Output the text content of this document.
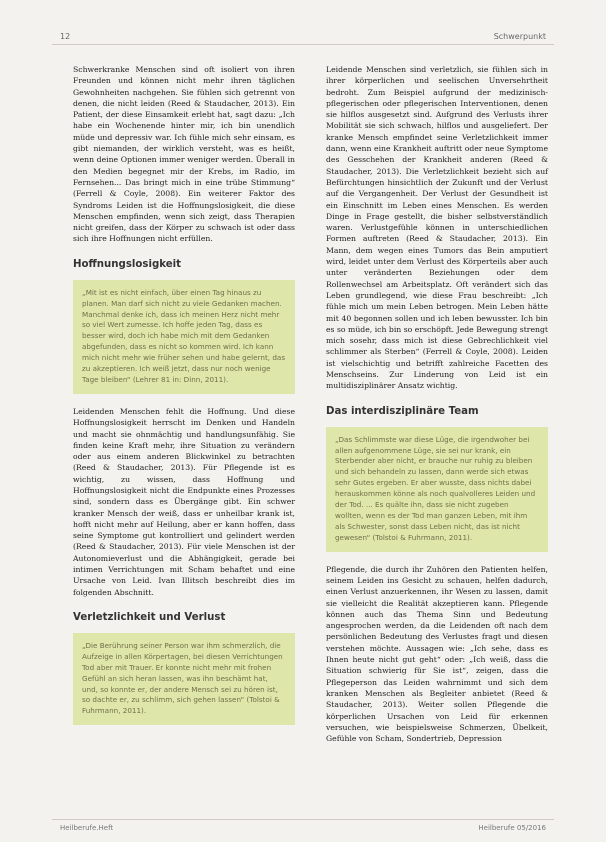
12	Schwerpunkt

Schwerkranke Menschen sind oft isoliert von ihren Freunden und können nicht mehr ihren täglichen Gewohnheiten nachgehen. Sie fühlen sich getrennt von denen, die nicht leiden (Reed & Staudacher, 2013). Ein Patient, der diese Einsamkeit erlebt hat, sagt dazu: „Ich habe ein Wochenende hinter mir, ich bin unendlich müde und depressiv war. Ich fühle mich sehr einsam, es gibt niemanden, der wirklich versteht, was es heißt, wenn deine Optionen immer weniger werden. Überall in den Medien begegnet mir der Krebs, im Radio, im Fernsehen... Das bringt mich in eine trübe Stimmung“ (Ferrell & Coyle, 2008). Ein weiterer Faktor des Syndroms Leiden ist die Hoffnungslosigkeit, die diese Menschen empfinden, wenn sich zeigt, dass Therapien nicht greifen, dass der Körper zu schwach ist oder dass sich ihre Hoffnungen nicht erfüllen.

Hoffnungslosigkeit

„Mit ist es nicht einfach, über einen Tag hinaus zu planen. Man darf sich nicht zu viele Gedanken machen. Manchmal denke ich, dass ich meinen Herz nicht mehr so viel Wert zumesse. Ich hoffe jeden Tag, dass es besser wird, doch ich habe mich mit dem Gedanken abgefunden, dass es nicht so kommen wird. Ich kann mich nicht mehr wie früher sehen und habe gelernt, das zu akzeptieren. Ich weiß jetzt, dass nur noch wenige Tage bleiben“ (Lehrer 81 in: Dinn, 2011).

Leidenden Menschen fehlt die Hoffnung. Und diese Hoffnungslosigkeit herrscht im Denken und Handeln und macht sie ohnmächtig und handlungsunfähig. Sie finden keine Kraft mehr, ihre Situation zu verändern oder aus einem anderen Blickwinkel zu betrachten (Reed & Staudacher, 2013). Für Pflegende ist es wichtig, zu wissen, dass Hoffnung und Hoffnungslosigkeit nicht die Endpunkte eines Prozesses sind, sondern dass es Übergänge gibt. Ein schwer kranker Mensch der weiß, dass er unheilbar krank ist, hofft nicht mehr auf Heilung, aber er kann hoffen, dass seine Symptome gut kontrolliert und gelindert werden (Reed & Staudacher, 2013). Für viele Menschen ist der Autonomieverlust und die Abhängigkeit, gerade bei intimen Verrichtungen mit Scham behaftet und eine Ursache von Leid. Ivan Illitsch beschreibt dies im folgenden Abschnitt.

Verletzlichkeit und Verlust

„Die Berührung seiner Person war ihm schmerzlich, die Aufzeige in allen Körpertagen, bei diesen Verrichtungen Tod aber mit Trauer. Er konnte nicht mehr mit frohen Gefühl an sich heran lassen, was ihn beschämt hat, und, so konnte er, der andere Mensch sei zu hören ist, so dachte er, zu schlimm, sich gehen lassen“ (Tolstoi & Fuhrmann, 2011).

Leidende Menschen sind verletzlich, sie fühlen sich in ihrer körperlichen und seelischen Unversehrtheit bedroht. Zum Beispiel aufgrund der medizinisch-pflegerischen oder pflegerischen Interventionen, denen sie hilflos ausgesetzt sind. Aufgrund des Verlusts ihrer Mobilität sie sich schwach, hilflos und ausgeliefert. Der kranke Mensch empfindet seine Verletzlichkeit immer dann, wenn eine Krankheit auftritt oder neue Symptome des Gesschehen der Krankheit anderen (Reed & Staudacher, 2013). Die Verletzlichkeit bezieht sich auf Befürchtungen hinsichtlich der Zukunft und der Verlust auf die Vergangenheit. Der Verlust der Gesundheit ist ein Einschnitt im Leben eines Menschen. Es werden Dinge in Frage gestellt, die bisher selbstverständlich waren. Verlustgefühle können in unterschiedlichen Formen auftreten (Reed & Staudacher, 2013). Ein Mann, dem wegen eines Tumors das Bein amputiert wird, leidet unter dem Verlust des Körperteils aber auch unter veränderten Beziehungen oder dem Rollenwechsel am Arbeitsplatz. Oft verändert sich das Leben grundlegend, wie diese Frau beschreibt: „Ich fühle mich um mein Leben betrogen. Mein Leben hätte mit 40 begonnen sollen und ich leben bewusster. Ich bin es so müde, ich bin so erschöpft. Jede Bewegung strengt mich sosehr, dass mich ist diese Gebrechlichkeit viel schlimmer als Sterben“ (Ferrell & Coyle, 2008). Leiden ist vielschichtig und betrifft zahlreiche Facetten des Menschseins. Zur Linderung von Leid ist ein multidisziplinärer Ansatz wichtig.

Das interdisziplinäre Team

„Das Schlimmste war diese Lüge, die irgendwoher bei allen aufgenommene Lüge, sie sei nur krank, ein Sterbender aber nicht, er brauche nur ruhig zu bleiben und sich behandeln zu lassen, dann werde sich etwas sehr Gutes ergeben. Er aber wusste, dass nichts dabei herauskommen könne als noch qualvolleres Leiden und der Tod. ... Es quälte ihn, dass sie nicht zugeben wollten, wenn es der Tod man ganzen Leben, mit ihm als Schwester, sonst dass Leben nicht, das ist nicht gewesen“ (Tolstoi & Fuhrmann, 2011).

Pflegende, die durch ihr Zuhören den Patienten helfen, seinem Leiden ins Gesicht zu schauen, helfen dadurch, einen Verlust anzuerkennen, ihr Wesen zu lassen, damit sie vielleicht die Realität akzeptieren kann. Pflegende können auch das Thema Sinn und Bedeutung angesprochen werden, da die Leidenden oft nach dem persönlichen Bedeutung des Verlustes fragt und diesen verstehen möchte. Aussagen wie: „Ich sehe, dass es Ihnen heute nicht gut geht“ oder: „Ich weiß, dass die Situation schwierig für Sie ist“, zeigen, dass die Pflegeperson das Leiden wahrnimmt und sich dem kranken Menschen als Begleiter anbietet (Reed & Staudacher, 2013). Weiter sollen Pflegende die körperlichen Ursachen von Leid für erkennen versuchen, wie beispielsweise Schmerzen, Übelkeit, Gefühle von Scham, Sondertrieb, Depression

Heilberufe.Heft	Heilberufe 05/2016
